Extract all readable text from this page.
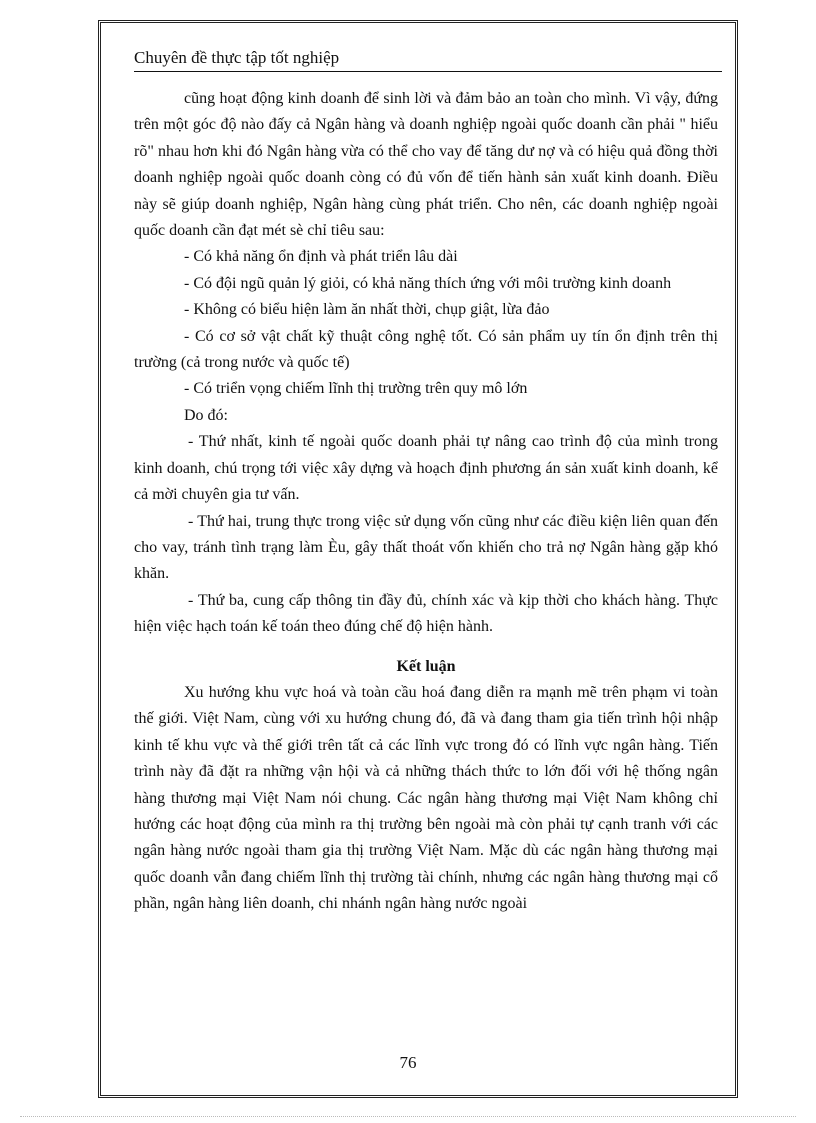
Chuyên đề thực tập tốt nghiệp

cũng hoạt động kinh doanh để sinh lời và đảm bảo an toàn cho mình. Vì vậy, đứng trên một góc độ nào đấy cả Ngân hàng và doanh nghiệp ngoài quốc doanh cần phải " hiểu rõ" nhau hơn khi đó Ngân hàng vừa có thể cho vay để tăng dư nợ và có hiệu quả đồng thời doanh nghiệp ngoài quốc doanh còng có đủ vốn để tiến hành sản xuất kinh doanh. Điều này sẽ giúp doanh nghiệp, Ngân hàng cùng phát triển. Cho nên, các doanh nghiệp ngoài quốc doanh cần đạt mét sè chỉ tiêu sau:

- Có khả năng ổn định và phát triển lâu dài

- Có đội ngũ quản lý giỏi, có khả năng thích ứng với môi trường kinh doanh

- Không có biểu hiện làm ăn nhất thời, chụp giật, lừa đảo

- Có cơ sở vật chất kỹ thuật công nghệ tốt. Có sản phẩm uy tín ổn định trên thị trường (cả trong nước và quốc tế)

- Có triển vọng chiếm lĩnh thị trường trên quy mô lớn

Do đó:

- Thứ nhất, kinh tế ngoài quốc doanh phải tự nâng cao trình độ của mình trong kinh doanh, chú trọng tới việc xây dựng và hoạch định phương án sản xuất kinh doanh, kể cả mời chuyên gia tư vấn.

- Thứ hai, trung thực trong việc sử dụng vốn cũng như các điều kiện liên quan đến cho vay, tránh tình trạng làm Èu, gây thất thoát vốn khiến cho trả nợ Ngân hàng gặp khó khăn.

- Thứ ba, cung cấp thông tin đầy đủ, chính xác và kịp thời cho khách hàng. Thực hiện việc hạch toán kế toán theo đúng chế độ hiện hành.

Kết luận

Xu hướng khu vực hoá và toàn cầu hoá đang diễn ra mạnh mẽ trên phạm vi toàn thế giới. Việt Nam, cùng với xu hướng chung đó, đã và đang tham gia tiến trình hội nhập kinh tế khu vực và thế giới trên tất cả các lĩnh vực trong đó có lĩnh vực ngân hàng. Tiến trình này đã đặt ra những vận hội và cả những thách thức to lớn đối với hệ thống ngân hàng thương mại Việt Nam nói chung. Các ngân hàng thương mại Việt Nam không chỉ hướng các hoạt động của mình ra thị trường bên ngoài mà còn phải tự cạnh tranh với các ngân hàng nước ngoài tham gia thị trường Việt Nam. Mặc dù các ngân hàng thương mại quốc doanh vẫn đang chiếm lĩnh thị trường tài chính, nhưng các ngân hàng thương mại cổ phần, ngân hàng liên doanh, chi nhánh ngân hàng nước ngoài

76
